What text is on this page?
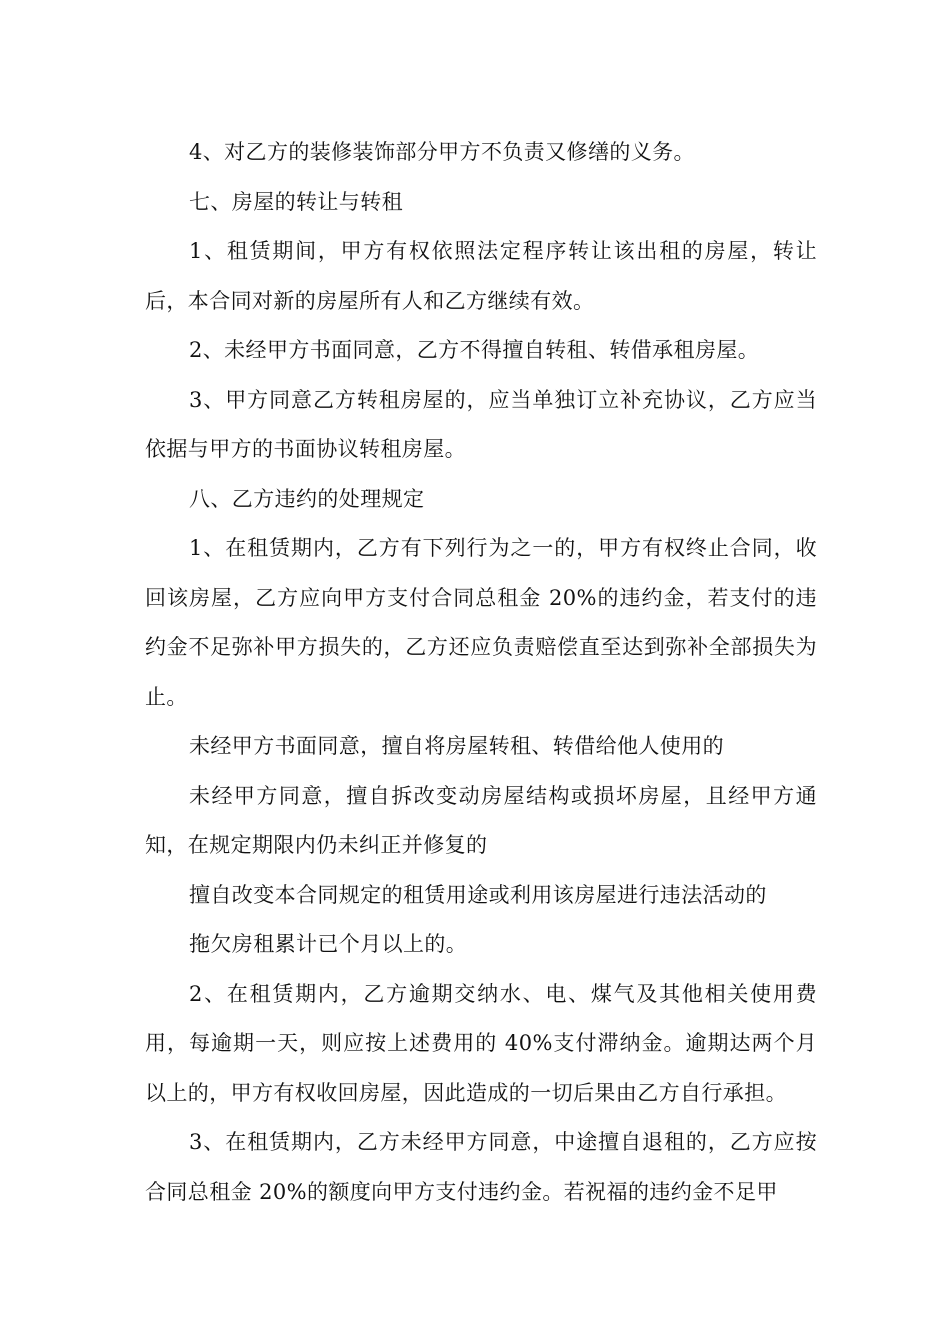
4、对乙方的装修装饰部分甲方不负责又修缮的义务。

七、房屋的转让与转租

1、租赁期间，甲方有权依照法定程序转让该出租的房屋，转让后，本合同对新的房屋所有人和乙方继续有效。

2、未经甲方书面同意，乙方不得擅自转租、转借承租房屋。

3、甲方同意乙方转租房屋的，应当单独订立补充协议，乙方应当依据与甲方的书面协议转租房屋。

八、乙方违约的处理规定

1、在租赁期内，乙方有下列行为之一的，甲方有权终止合同，收回该房屋，乙方应向甲方支付合同总租金 20%的违约金，若支付的违约金不足弥补甲方损失的，乙方还应负责赔偿直至达到弥补全部损失为止。

未经甲方书面同意，擅自将房屋转租、转借给他人使用的

未经甲方同意，擅自拆改变动房屋结构或损坏房屋，且经甲方通知，在规定期限内仍未纠正并修复的

擅自改变本合同规定的租赁用途或利用该房屋进行违法活动的

拖欠房租累计已个月以上的。

2、在租赁期内，乙方逾期交纳水、电、煤气及其他相关使用费用，每逾期一天，则应按上述费用的 40%支付滞纳金。逾期达两个月以上的，甲方有权收回房屋，因此造成的一切后果由乙方自行承担。

3、在租赁期内，乙方未经甲方同意，中途擅自退租的，乙方应按合同总租金 20%的额度向甲方支付违约金。若祝福的违约金不足甲
